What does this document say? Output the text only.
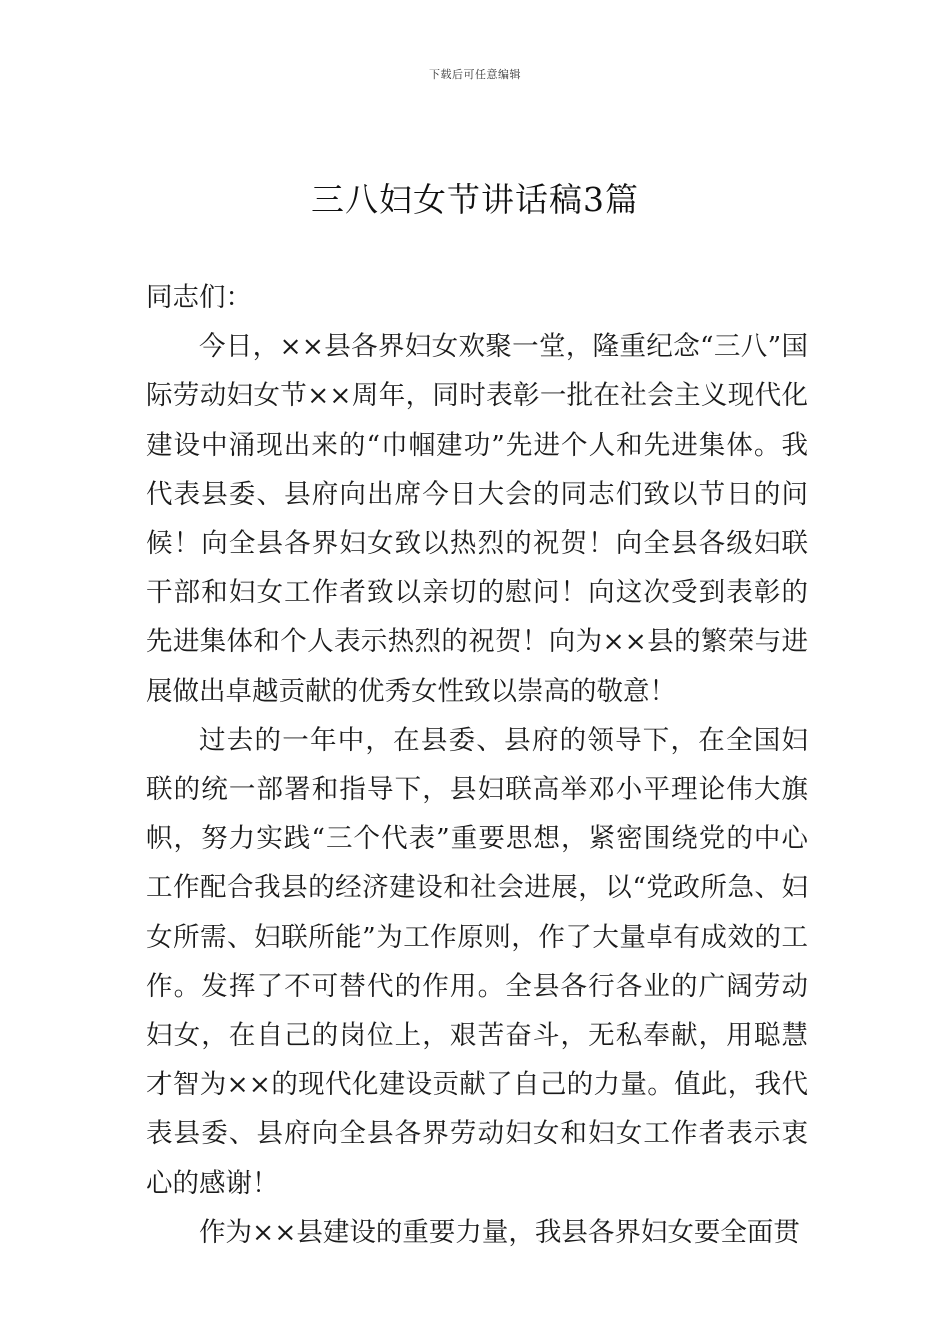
下载后可任意编辑
三八妇女节讲话稿3篇

同志们：

今日，××县各界妇女欢聚一堂，隆重纪念“三八”国际劳动妇女节××周年，同时表彰一批在社会主义现代化建设中涌现出来的“巾帼建功”先进个人和先进集体。我代表县委、县府向出席今日大会的同志们致以节日的问候！向全县各界妇女致以热烈的祝贺！向全县各级妇联干部和妇女工作者致以亲切的慰问！向这次受到表彰的先进集体和个人表示热烈的祝贺！向为××县的繁荣与进展做出卓越贡献的优秀女性致以崇高的敬意！

过去的一年中，在县委、县府的领导下，在全国妇联的统一部署和指导下，县妇联高举邓小平理论伟大旗帜，努力实践“三个代表”重要思想，紧密围绕党的中心工作配合我县的经济建设和社会进展，以“党政所急、妇女所需、妇联所能”为工作原则，作了大量卓有成效的工作。发挥了不可替代的作用。全县各行各业的广阔劳动妇女，在自己的岗位上，艰苦奋斗，无私奉献，用聪慧才智为××的现代化建设贡献了自己的力量。值此，我代表县委、县府向全县各界劳动妇女和妇女工作者表示衷心的感谢！

作为××县建设的重要力量，我县各界妇女要全面贯
